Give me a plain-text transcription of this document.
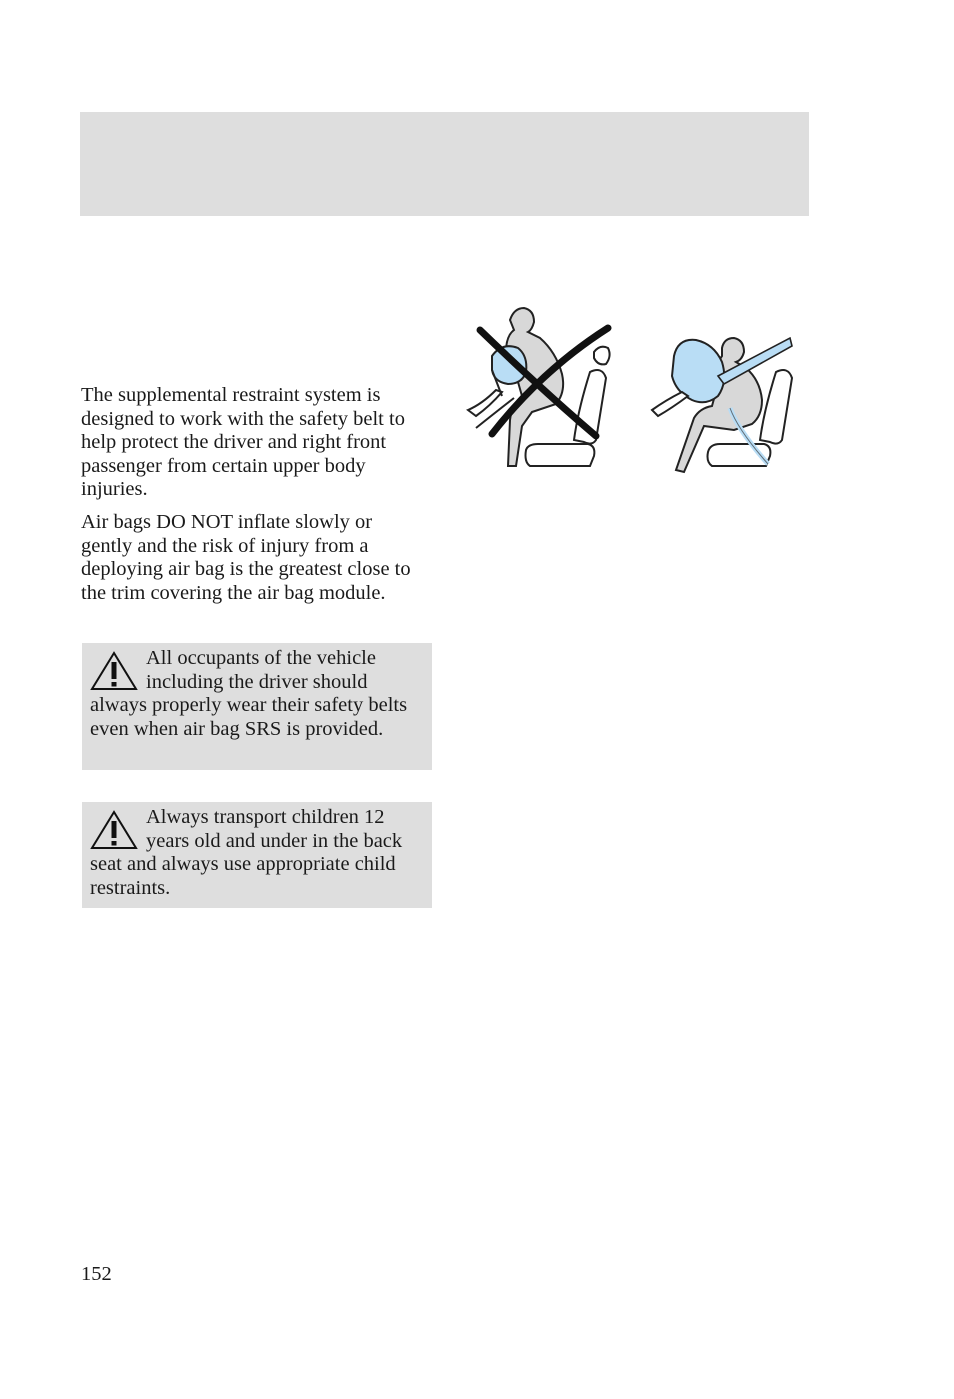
The supplemental restraint system is designed to work with the safety belt to help protect the driver and right front passenger from certain upper body injuries.

Air bags DO NOT inflate slowly or gently and the risk of injury from a deploying air bag is the greatest close to the trim covering the air bag module.

All occupants of the vehicle including the driver should always properly wear their safety belts even when air bag SRS is provided.
Always transport children 12 years old and under in the back seat and always use appropriate child restraints.
152
